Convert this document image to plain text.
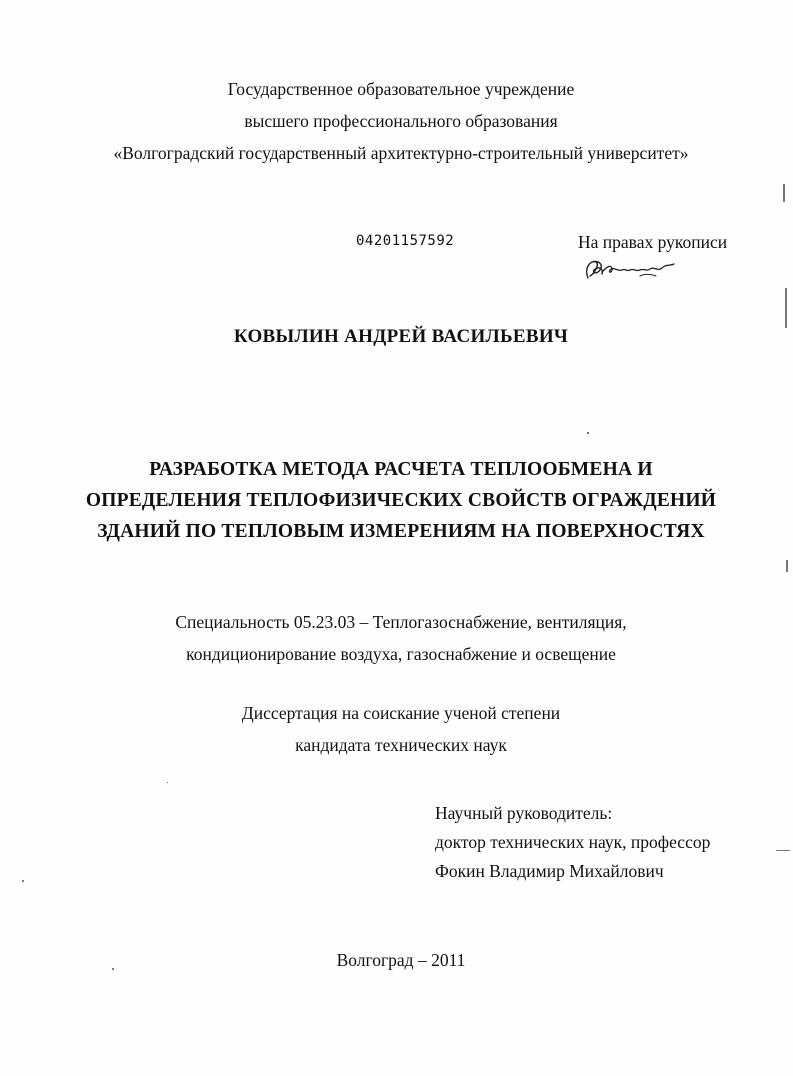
Государственное образовательное учреждение
высшего профессионального образования
«Волгоградский государственный архитектурно-строительный университет»
04201157592	На правах рукописи
КОВЫЛИН АНДРЕЙ ВАСИЛЬЕВИЧ
РАЗРАБОТКА МЕТОДА РАСЧЕТА ТЕПЛООБМЕНА И
ОПРЕДЕЛЕНИЯ ТЕПЛОФИЗИЧЕСКИХ СВОЙСТВ ОГРАЖДЕНИЙ
ЗДАНИЙ ПО ТЕПЛОВЫМ ИЗМЕРЕНИЯМ НА ПОВЕРХНОСТЯХ
Специальность 05.23.03 – Теплогазоснабжение, вентиляция,
кондиционирование воздуха, газоснабжение и освещение
Диссертация на соискание ученой степени
кандидата технических наук
Научный руководитель:
доктор технических наук, профессор
Фокин Владимир Михайлович
Волгоград – 2011
